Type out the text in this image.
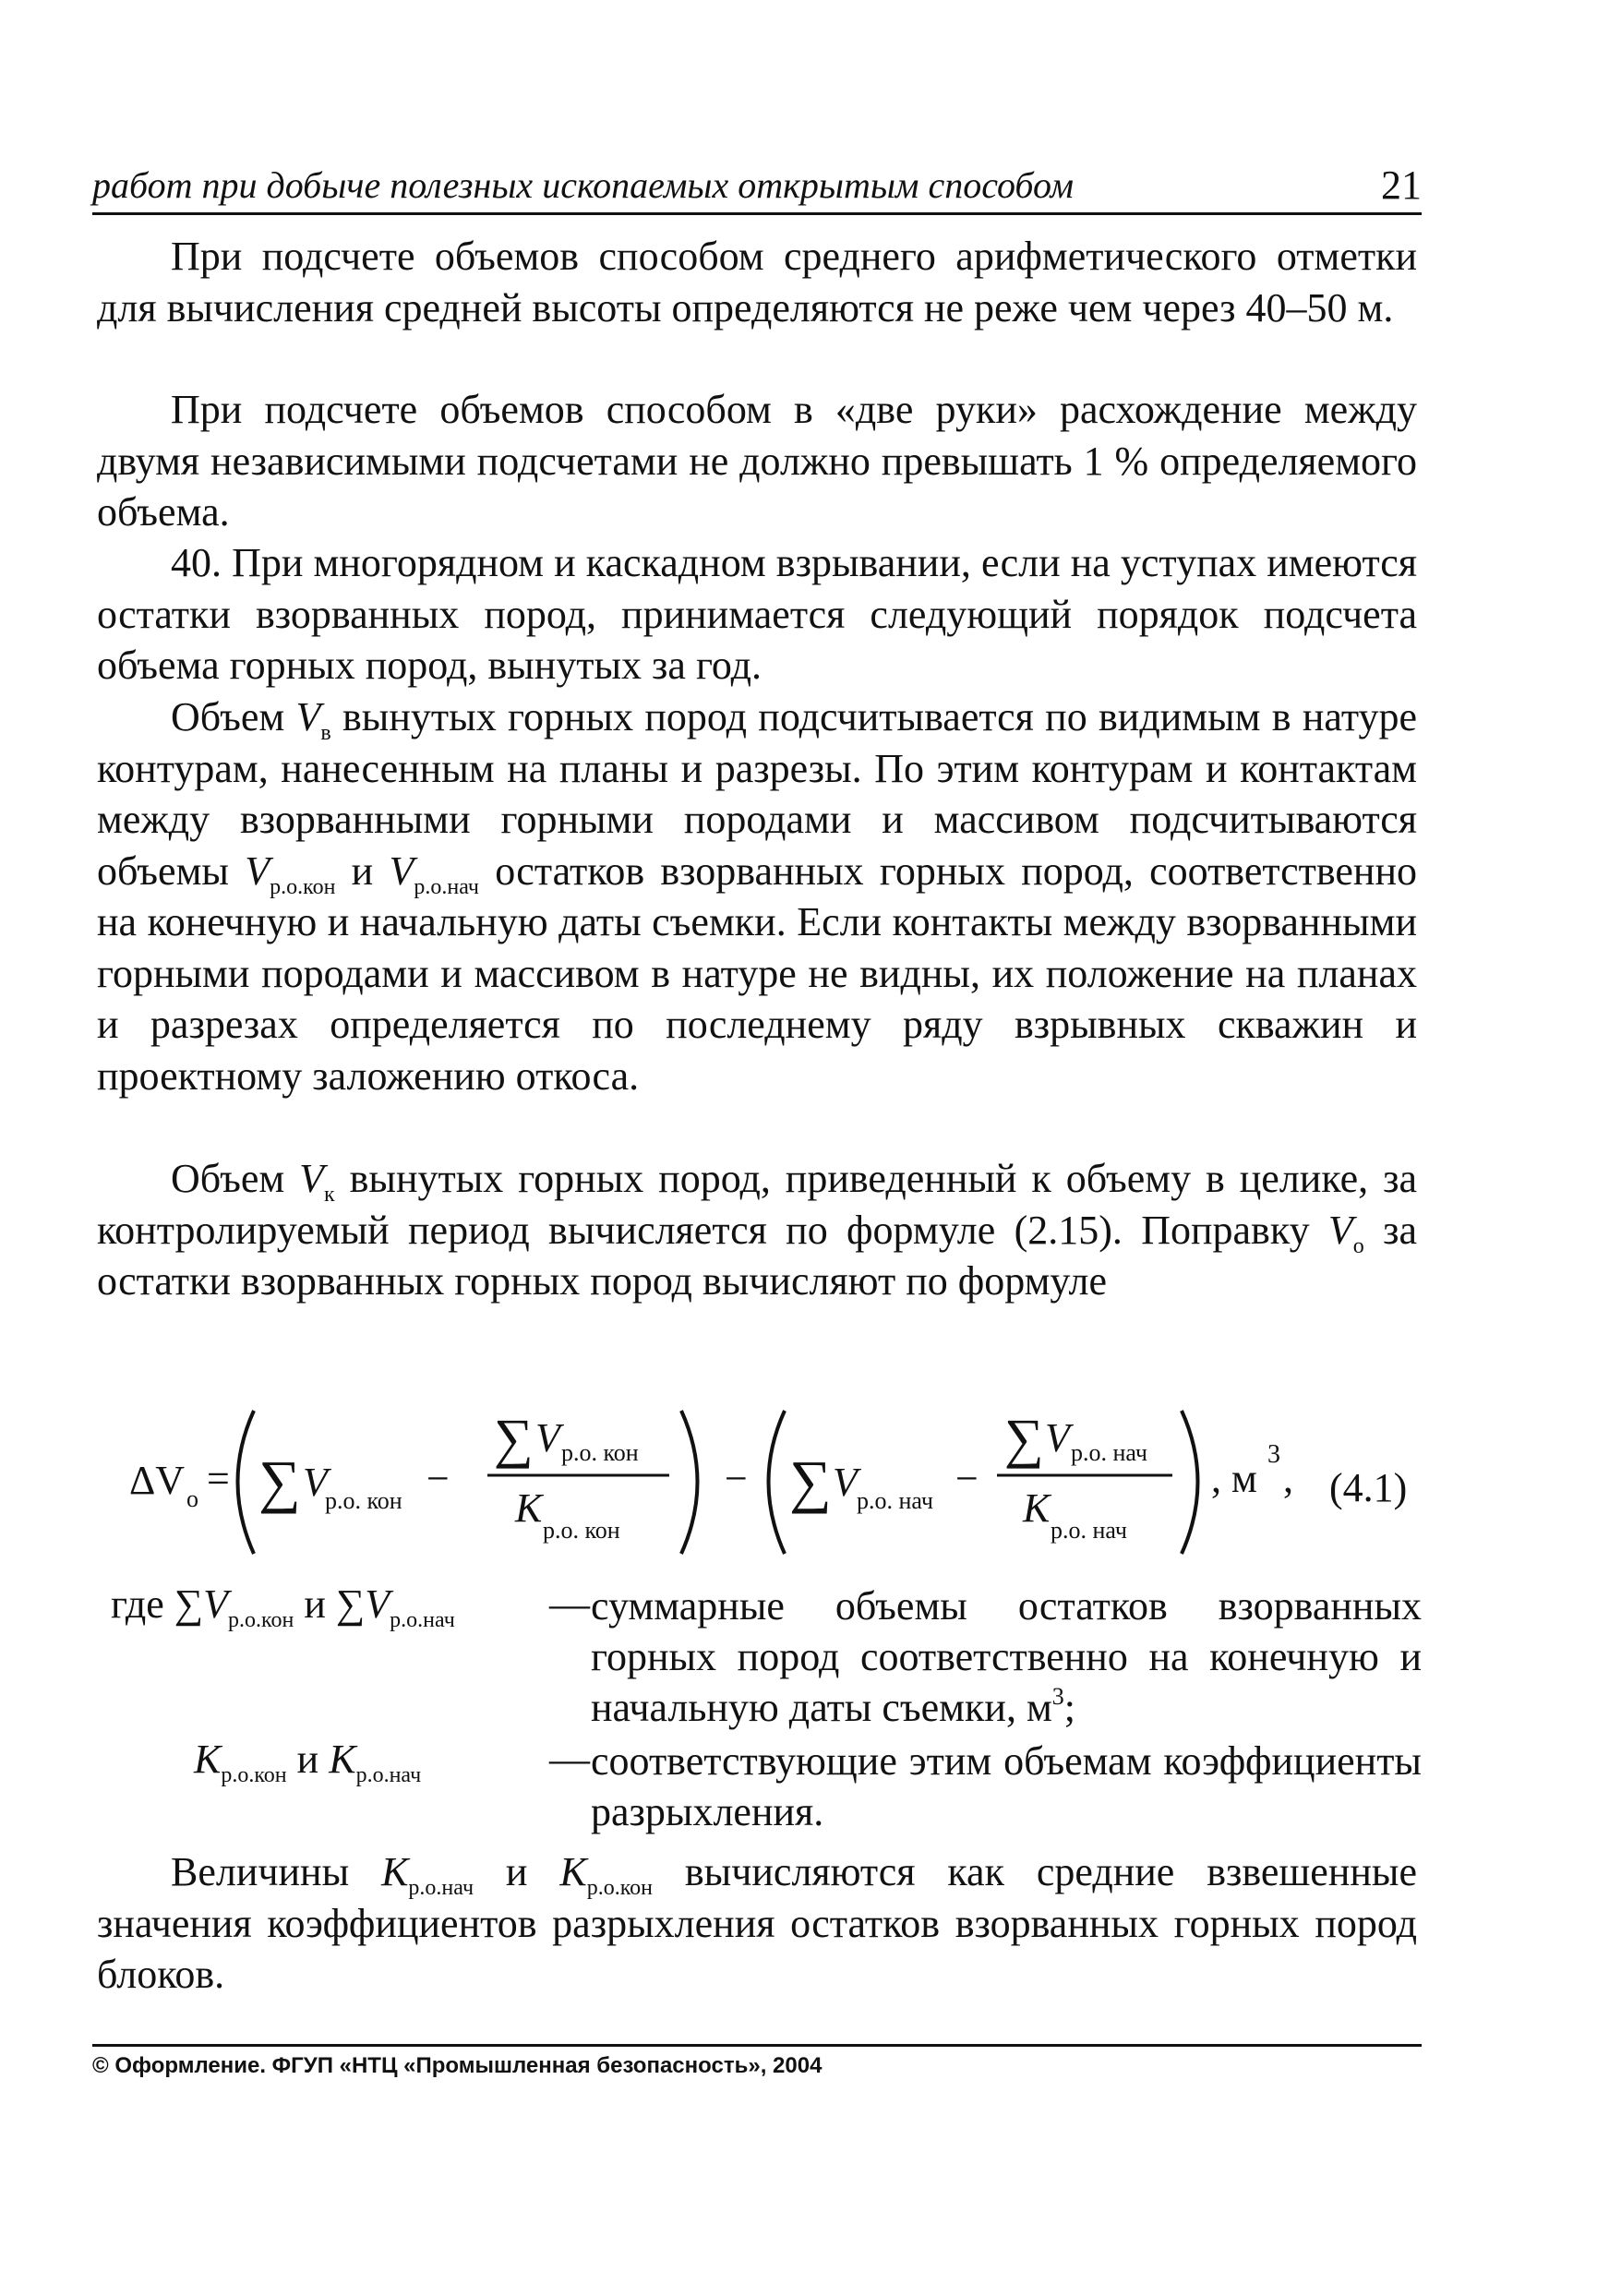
работ при добыче полезных ископаемых открытым способом	21

При подсчете объемов способом среднего арифметического отметки для вычисления средней высоты определяются не реже чем через 40–50 м.

При подсчете объемов способом в «две руки» расхождение между двумя независимыми подсчетами не должно превышать 1 % определяемого объема.

40. При многорядном и каскадном взрывании, если на уступах имеются остатки взорванных пород, принимается следующий порядок подсчета объема горных пород, вынутых за год.

Объем $V_в$ вынутых горных пород подсчитывается по видимым в натуре контурам, нанесенным на планы и разрезы. По этим контурам и контактам между взорванными горными породами и массивом подсчитываются объемы $V_{р.о.кон}$ и $V_{р.о.нач}$ остатков взорванных горных пород, соответственно на конечную и начальную даты съемки. Если контакты между взорванными горными породами и массивом в натуре не видны, их положение на планах и разрезах определяется по последнему ряду взрывных скважин и проектному заложению откоса.

Объем $V_к$ вынутых горных пород, приведенный к объему в целике, за контролируемый период вычисляется по формуле (2.15). Поправку $V_о$ за остатки взорванных горных пород вычисляют по формуле

ΔV о = ∑ V
р.о. кон −
∑ V р.о. кон
K р.о. кон
− ∑ V р.о. нач −
∑ V р.о. нач
K р.о. нач
, м
3
, (4.1)
где $\sum V_{р.о.кон}$ и $\sum V_{р.о.нач}$ — суммарные объемы остатков взорванных горных пород соответственно на конечную и начальную даты съемки, $м^3$;
$K_{р.о.кон}$ и $K_{р.о.нач}$	— соответствующие этим объемам коэффициенты разрыхления.

Величины $K_{р.о.нач}$ и $K_{р.о.кон}$ вычисляются как средние взвешенные значения коэффициентов разрыхления остатков взорванных горных пород блоков.

© Оформление. ФГУП «НТЦ «Промышленная безопасность», 2004
